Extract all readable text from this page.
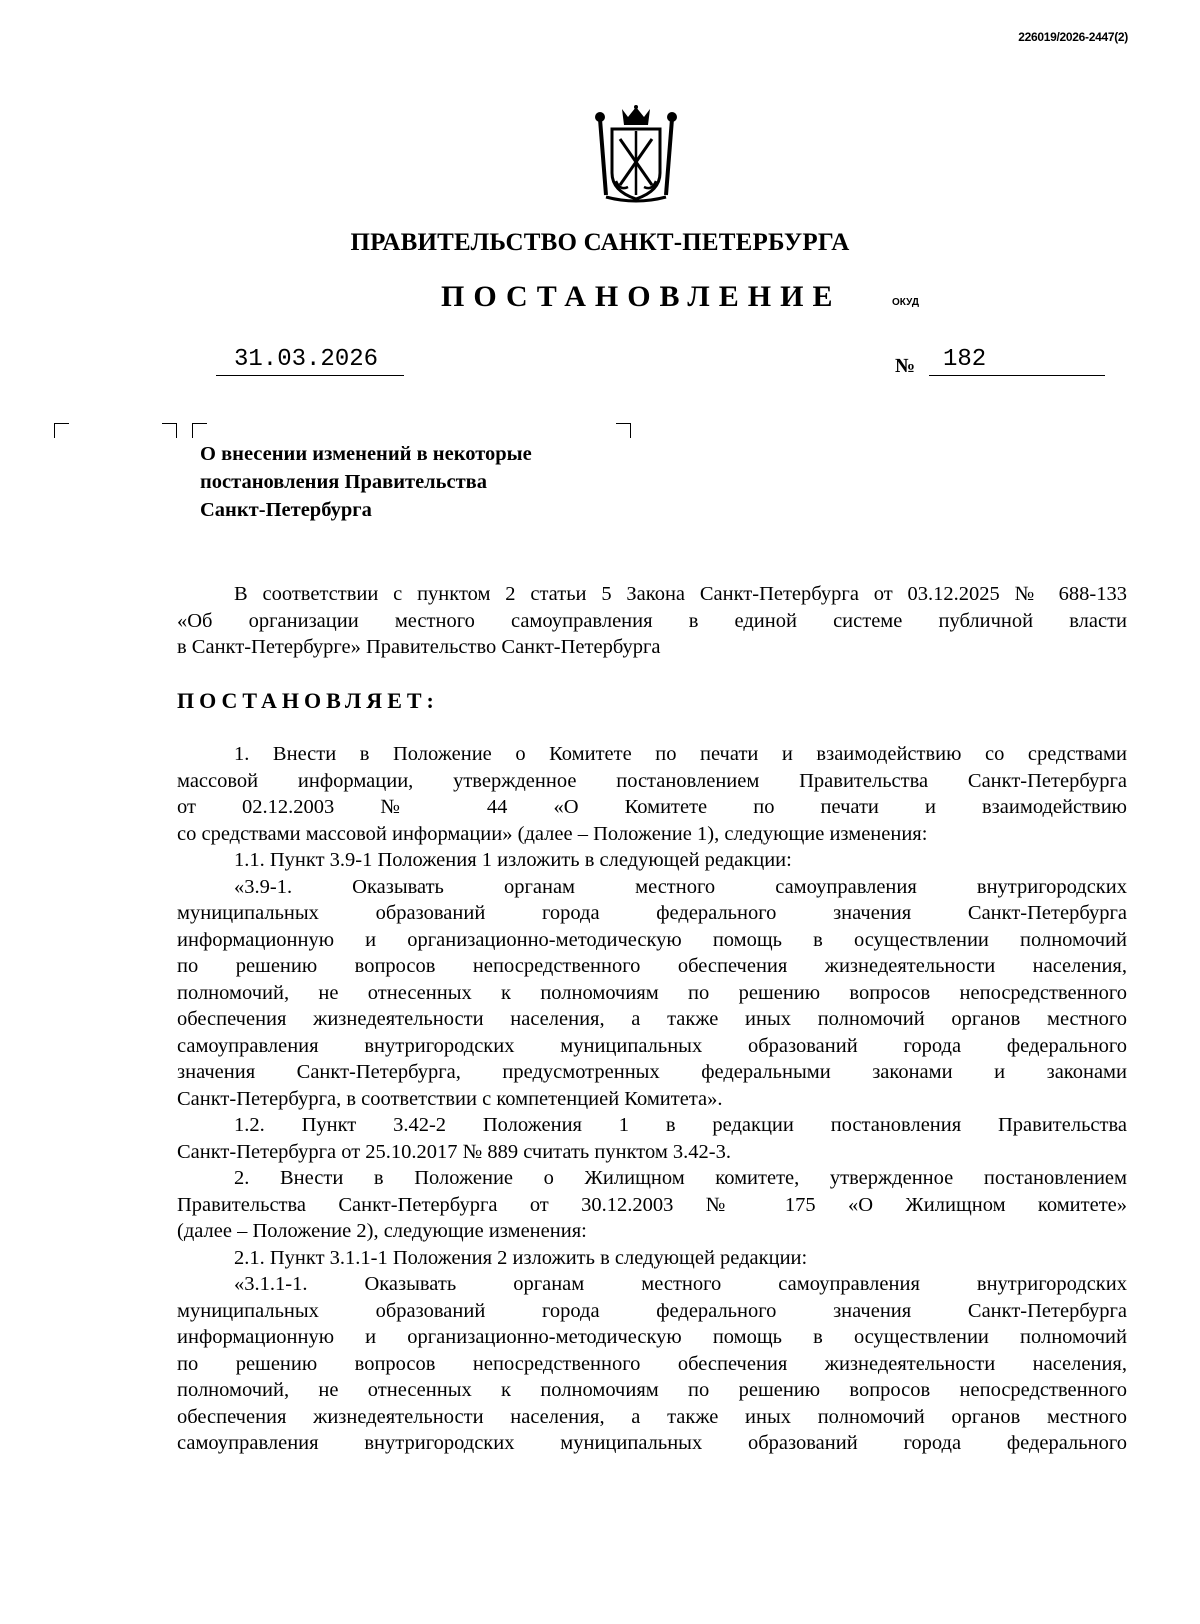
226019/2026-2447(2)
ПРАВИТЕЛЬСТВО САНКТ-ПЕТЕРБУРГА
ПОСТАНОВЛЕНИЕ	ОКУД
31.03.2026	№	182
О внесении изменений в некоторые
постановления Правительства
Санкт-Петербурга
В соответствии с пунктом 2 статьи 5 Закона Санкт-Петербурга от 03.12.2025 № 688-133
«Об организации местного самоуправления в единой системе публичной власти
в Санкт-Петербурге» Правительство Санкт-Петербурга
ПОСТАНОВЛЯЕТ:
1. Внести в Положение о Комитете по печати и взаимодействию со средствами
массовой информации, утвержденное постановлением Правительства Санкт-Петербурга
от 02.12.2003 № 44 «О Комитете по печати и взаимодействию
со средствами массовой информации» (далее – Положение 1), следующие изменения:
1.1. Пункт 3.9-1 Положения 1 изложить в следующей редакции:
«3.9-1. Оказывать органам местного самоуправления внутригородских
муниципальных образований города федерального значения Санкт-Петербурга
информационную и организационно-методическую помощь в осуществлении полномочий
по решению вопросов непосредственного обеспечения жизнедеятельности населения,
полномочий, не отнесенных к полномочиям по решению вопросов непосредственного
обеспечения жизнедеятельности населения, а также иных полномочий органов местного
самоуправления внутригородских муниципальных образований города федерального
значения Санкт-Петербурга, предусмотренных федеральными законами и законами
Санкт-Петербурга, в соответствии с компетенцией Комитета».
1.2. Пункт 3.42-2 Положения 1 в редакции постановления Правительства
Санкт-Петербурга от 25.10.2017 № 889 считать пунктом 3.42-3.
2. Внести в Положение о Жилищном комитете, утвержденное постановлением
Правительства Санкт-Петербурга от 30.12.2003 № 175 «О Жилищном комитете»
(далее – Положение 2), следующие изменения:
2.1. Пункт 3.1.1-1 Положения 2 изложить в следующей редакции:
«3.1.1-1. Оказывать органам местного самоуправления внутригородских
муниципальных образований города федерального значения Санкт-Петербурга
информационную и организационно-методическую помощь в осуществлении полномочий
по решению вопросов непосредственного обеспечения жизнедеятельности населения,
полномочий, не отнесенных к полномочиям по решению вопросов непосредственного
обеспечения жизнедеятельности населения, а также иных полномочий органов местного
самоуправления внутригородских муниципальных образований города федерального
